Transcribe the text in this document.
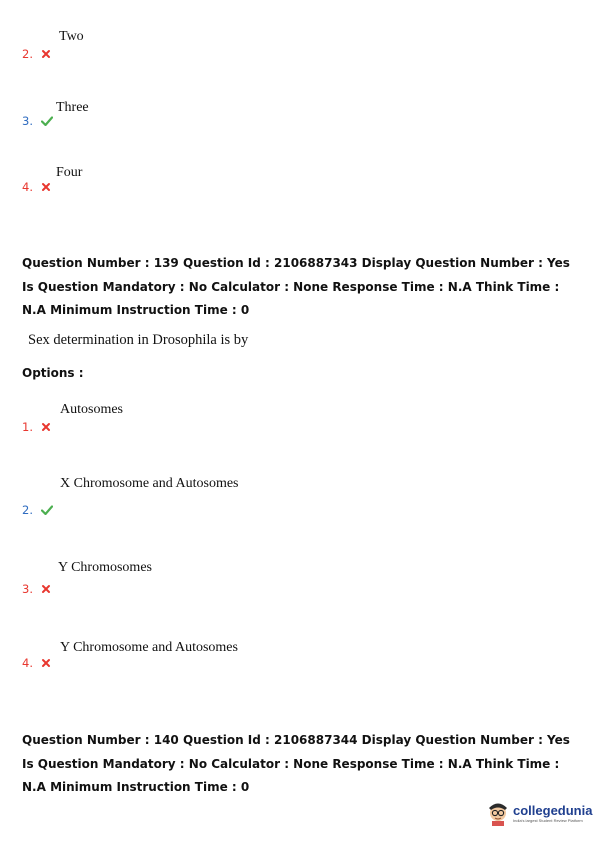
Two
2.
Three
3.
Four
4.
Question Number : 139 Question Id : 2106887343 Display Question Number : Yes Is Question Mandatory : No Calculator : None Response Time : N.A Think Time : N.A Minimum Instruction Time : 0
Sex determination in Drosophila is by
Options :
Autosomes
1.
X Chromosome and Autosomes
2.
Y Chromosomes
3.
Y Chromosome and Autosomes
4.
Question Number : 140 Question Id : 2106887344 Display Question Number : Yes Is Question Mandatory : No Calculator : None Response Time : N.A Think Time : N.A Minimum Instruction Time : 0
collegedunia
India's largest Student Review Platform
